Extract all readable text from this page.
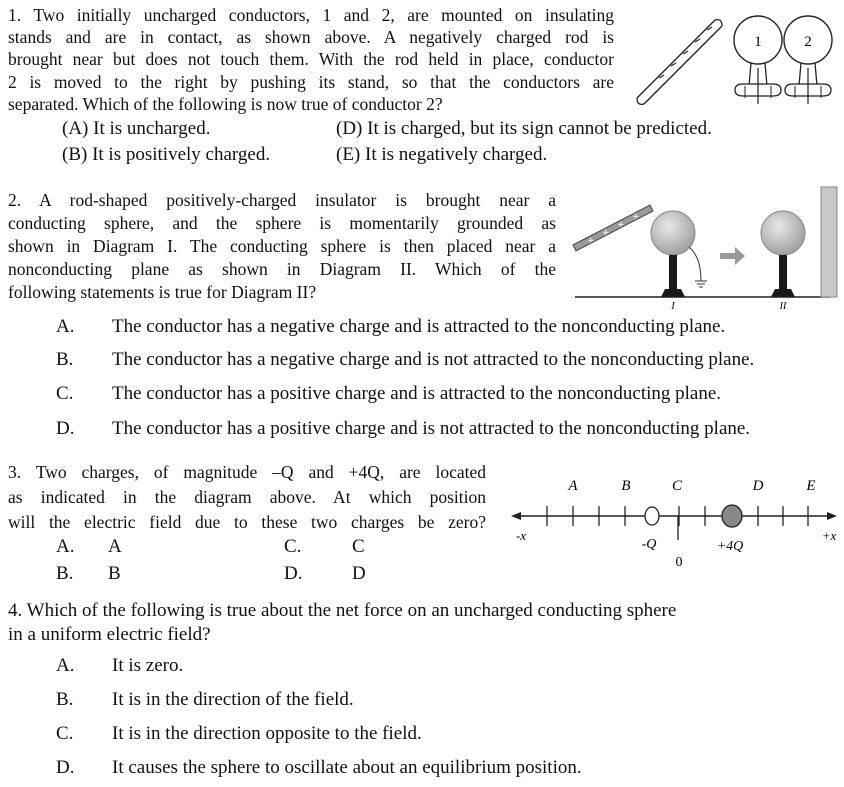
1. Two initially uncharged conductors, 1 and 2, are mounted on insulating
stands and are in contact, as shown above. A negatively charged rod is
brought near but does not touch them. With the rod held in place, conductor
2 is moved to the right by pushing its stand, so that the conductors are
separated. Which of the following is now true of conductor 2?
(A) It is uncharged.
(B) It is positively charged.
(D) It is charged, but its sign cannot be predicted.
(E) It is negatively charged.
1	2
2. A rod-shaped positively-charged insulator is brought near a
conducting sphere, and the sphere is momentarily grounded as
shown in Diagram I. The conducting sphere is then placed near a
nonconducting plane as shown in Diagram II. Which of the
following statements is true for Diagram II?
A. The conductor has a negative charge and is attracted to the nonconducting plane.
B. The conductor has a negative charge and is not attracted to the nonconducting plane.
C. The conductor has a positive charge and is attracted to the nonconducting plane.
D. The conductor has a positive charge and is not attracted to the nonconducting plane.
+
+
+
+
I	II
3. Two charges, of magnitude –Q and +4Q, are located
as indicated in the diagram above. At which position
will the electric field due to these two charges be zero?
A. A
B. B
C.	C
D.	D
A	B	C	D	E
-Q	+4Q
0
-x	+x
4. Which of the following is true about the net force on an uncharged conducting sphere
in a uniform electric field?
A. It is zero.
B. It is in the direction of the field.
C. It is in the direction opposite to the field.
D. It causes the sphere to oscillate about an equilibrium position.
